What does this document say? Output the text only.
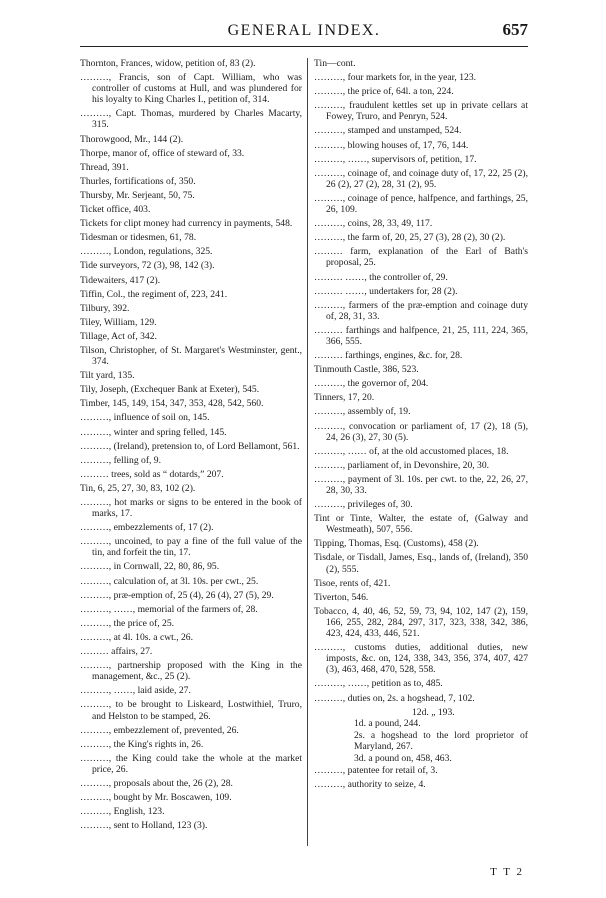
GENERAL INDEX.	657
Thornton, Frances, widow, petition of, 83 (2).
………, Francis, son of Capt. William, who was controller of customs at Hull, and was plundered for his loyalty to King Charles I., petition of, 314.
………, Capt. Thomas, murdered by Charles Macarty, 315.
Thorowgood, Mr., 144 (2).
Thorpe, manor of, office of steward of, 33.
Thread, 391.
Thurles, fortifications of, 350.
Thursby, Mr. Serjeant, 50, 75.
Ticket office, 403.
Tickets for clipt money had currency in payments, 548.
Tidesman or tidesmen, 61, 78.
………, London, regulations, 325.
Tide surveyors, 72 (3), 98, 142 (3).
Tidewaiters, 417 (2).
Tiffin, Col., the regiment of, 223, 241.
Tilbury, 392.
Tiley, William, 129.
Tillage, Act of, 342.
Tilson, Christopher, of St. Margaret's Westminster, gent., 374.
Tilt yard, 135.
Tily, Joseph, (Exchequer Bank at Exeter), 545.
Timber, 145, 149, 154, 347, 353, 428, 542, 560.
………, influence of soil on, 145.
………, winter and spring felled, 145.
………, (Ireland), pretension to, of Lord Bellamont, 561.
………, felling of, 9.
……… trees, sold as “ dotards,” 207.
Tin, 6, 25, 27, 30, 83, 102 (2).
………, hot marks or signs to be entered in the book of marks, 17.
………, embezzlements of, 17 (2).
………, uncoined, to pay a fine of the full value of the tin, and forfeit the tin, 17.
………, in Cornwall, 22, 80, 86, 95.
………, calculation of, at 3l. 10s. per cwt., 25.
………, præ-emption of, 25 (4), 26 (4), 27 (5), 29.
………, ……, memorial of the farmers of, 28.
………, the price of, 25.
………, at 4l. 10s. a cwt., 26.
……… affairs, 27.
………, partnership proposed with the King in the management, &c., 25 (2).
………, ……, laid aside, 27.
………, to be brought to Liskeard, Lostwithiel, Truro, and Helston to be stamped, 26.
………, embezzlement of, prevented, 26.
………, the King's rights in, 26.
………, the King could take the whole at the market price, 26.
………, proposals about the, 26 (2), 28.
………, bought by Mr. Boscawen, 109.
………, English, 123.
………, sent to Holland, 123 (3).
Tin—cont.
………, four markets for, in the year, 123.
………, the price of, 64l. a ton, 224.
………, fraudulent kettles set up in private cellars at Fowey, Truro, and Penryn, 524.
………, stamped and unstamped, 524.
………, blowing houses of, 17, 76, 144.
………, ……, supervisors of, petition, 17.
………, coinage of, and coinage duty of, 17, 22, 25 (2), 26 (2), 27 (2), 28, 31 (2), 95.
………, coinage of pence, halfpence, and farthings, 25, 26, 109.
………, coins, 28, 33, 49, 117.
………, the farm of, 20, 25, 27 (3), 28 (2), 30 (2).
……… farm, explanation of the Earl of Bath's proposal, 25.
……… ……, the controller of, 29.
……… ……, undertakers for, 28 (2).
………, farmers of the præ-emption and coinage duty of, 28, 31, 33.
……… farthings and halfpence, 21, 25, 111, 224, 365, 366, 555.
……… farthings, engines, &c. for, 28.
Tinmouth Castle, 386, 523.
………, the governor of, 204.
Tinners, 17, 20.
………, assembly of, 19.
………, convocation or parliament of, 17 (2), 18 (5), 24, 26 (3), 27, 30 (5).
………, …… of, at the old accustomed places, 18.
………, parliament of, in Devonshire, 20, 30.
………, payment of 3l. 10s. per cwt. to the, 22, 26, 27, 28, 30, 33.
………, privileges of, 30.
Tint or Tinte, Walter, the estate of, (Galway and Westmeath), 507, 556.
Tipping, Thomas, Esq. (Customs), 458 (2).
Tisdale, or Tisdall, James, Esq., lands of, (Ireland), 350 (2), 555.
Tisoe, rents of, 421.
Tiverton, 546.
Tobacco, 4, 40, 46, 52, 59, 73, 94, 102, 147 (2), 159, 166, 255, 282, 284, 297, 317, 323, 338, 342, 386, 423, 424, 433, 446, 521.
………, customs duties, additional duties, new imposts, &c. on, 124, 338, 343, 356, 374, 407, 427 (3), 463, 468, 470, 528, 558.
………, ……, petition as to, 485.
………, duties on, 2s. a hogshead, 7, 102.
12d. „ 193.
1d. a pound, 244.
2s. a hogshead to the lord proprietor of Maryland, 267.
3d. a pound on, 458, 463.
………, patentee for retail of, 3.
………, authority to seize, 4.
T T 2
